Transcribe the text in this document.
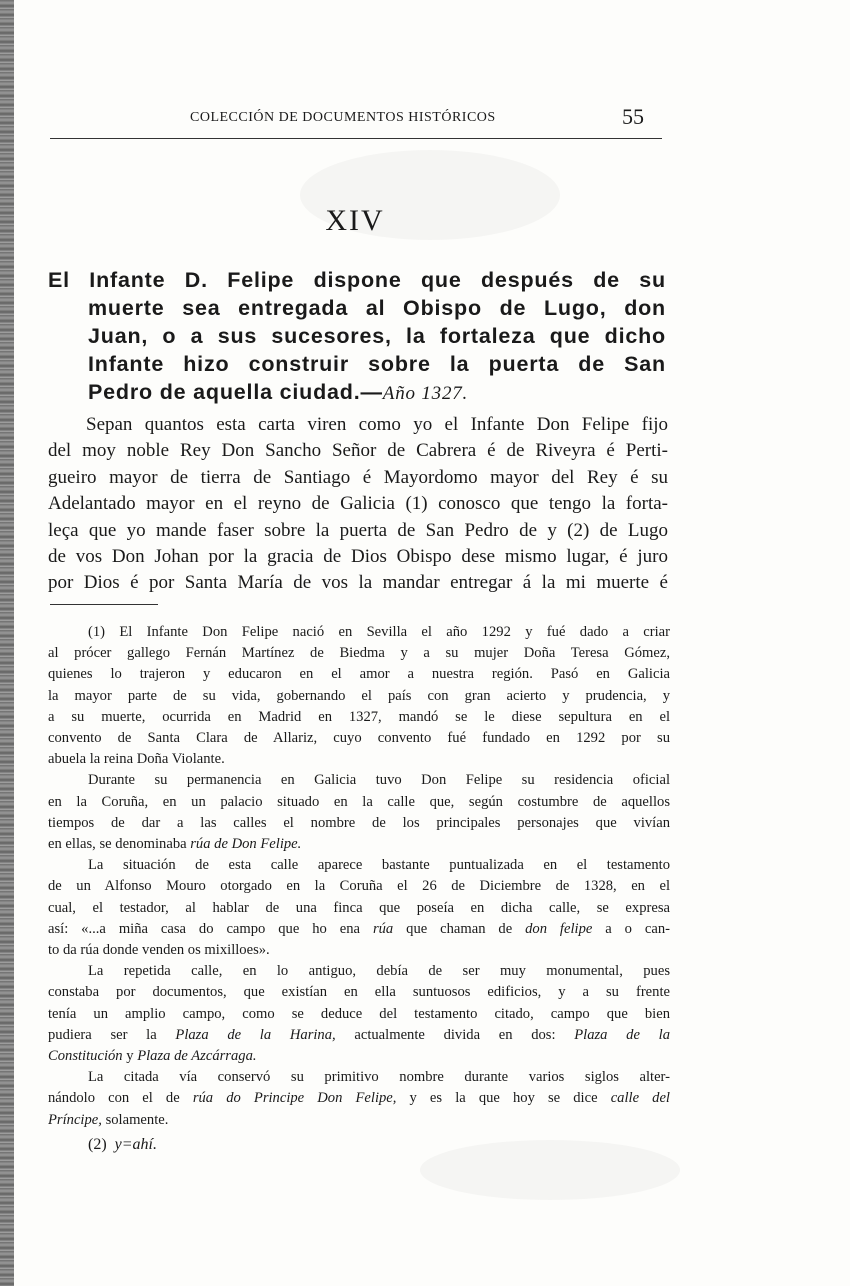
COLECCIÓN DE DOCUMENTOS HISTÓRICOS	55
XIV
El Infante D. Felipe dispone que después de su
muerte sea entregada al Obispo de Lugo, don
Juan, o a sus sucesores, la fortaleza que dicho
Infante hizo construir sobre la puerta de San
Pedro de aquella ciudad.—Año 1327.
Sepan quantos esta carta viren como yo el Infante Don Felipe fijo
del moy noble Rey Don Sancho Señor de Cabrera é de Riveyra é Perti-
gueiro mayor de tierra de Santiago é Mayordomo mayor del Rey é su
Adelantado mayor en el reyno de Galicia (1) conosco que tengo la forta-
leça que yo mande faser sobre la puerta de San Pedro de y (2) de Lugo
de vos Don Johan por la gracia de Dios Obispo dese mismo lugar, é juro
por Dios é por Santa María de vos la mandar entregar á la mi muerte é
(1) El Infante Don Felipe nació en Sevilla el año 1292 y fué dado a criar
al prócer gallego Fernán Martínez de Biedma y a su mujer Doña Teresa Gómez,
quienes lo trajeron y educaron en el amor a nuestra región. Pasó en Galicia
la mayor parte de su vida, gobernando el país con gran acierto y prudencia, y
a su muerte, ocurrida en Madrid en 1327, mandó se le diese sepultura en el
convento de Santa Clara de Allariz, cuyo convento fué fundado en 1292 por su
abuela la reina Doña Violante.
Durante su permanencia en Galicia tuvo Don Felipe su residencia oficial
en la Coruña, en un palacio situado en la calle que, según costumbre de aquellos
tiempos de dar a las calles el nombre de los principales personajes que vivían
en ellas, se denominaba rúa de Don Felipe.
La situación de esta calle aparece bastante puntualizada en el testamento
de un Alfonso Mouro otorgado en la Coruña el 26 de Diciembre de 1328, en el
cual, el testador, al hablar de una finca que poseía en dicha calle, se expresa
así: «...a miña casa do campo que ho ena rúa que chaman de don felipe a o can-
to da rúa donde venden os mixilloes».
La repetida calle, en lo antiguo, debía de ser muy monumental, pues
constaba por documentos, que existían en ella suntuosos edificios, y a su frente
tenía un amplio campo, como se deduce del testamento citado, campo que bien
pudiera ser la Plaza de la Harina, actualmente divida en dos: Plaza de la
Constitución y Plaza de Azcárraga.
La citada vía conservó su primitivo nombre durante varios siglos alter-
nándolo con el de rúa do Principe Don Felipe, y es la que hoy se dice calle del
Príncipe, solamente.
(2) y=ahí.
